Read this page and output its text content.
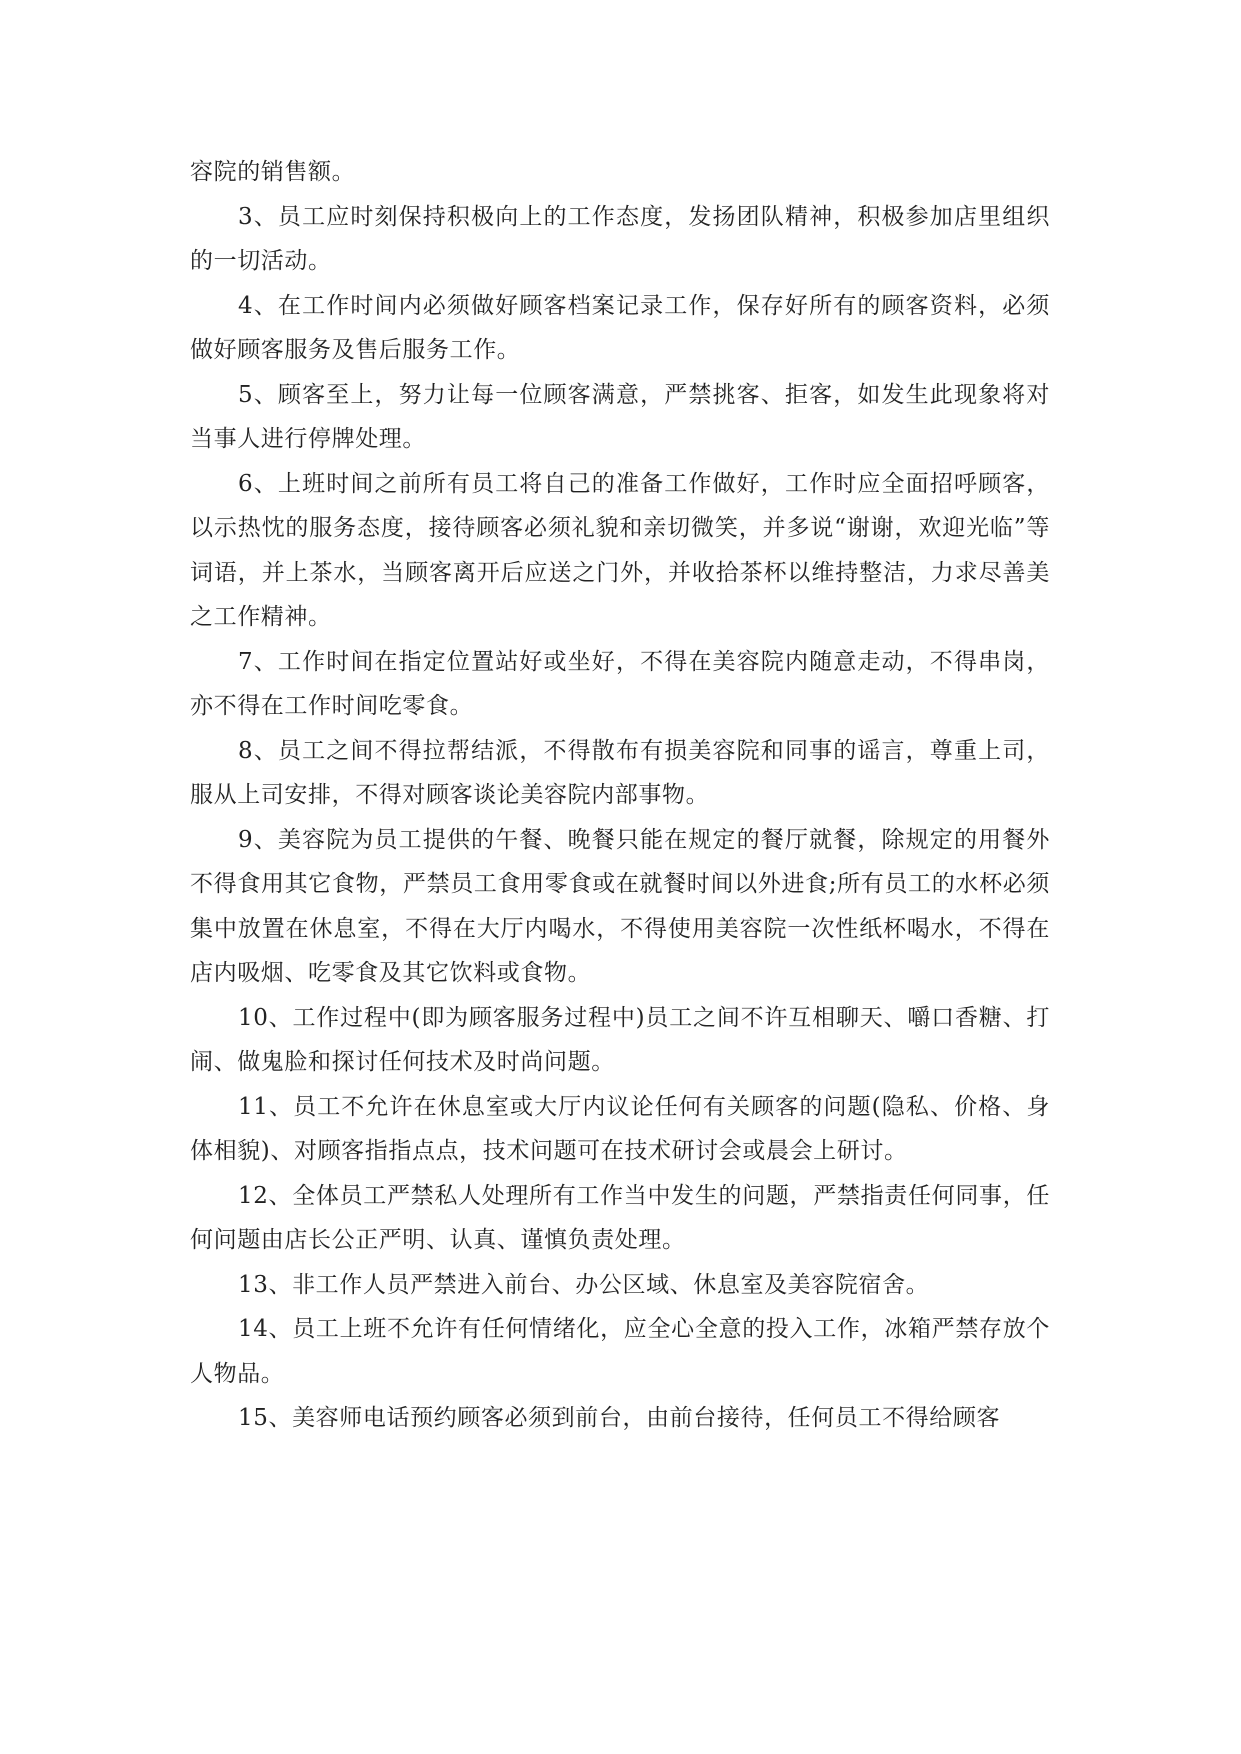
容院的销售额。

3、员工应时刻保持积极向上的工作态度，发扬团队精神，积极参加店里组织的一切活动。

4、在工作时间内必须做好顾客档案记录工作，保存好所有的顾客资料，必须做好顾客服务及售后服务工作。

5、顾客至上，努力让每一位顾客满意，严禁挑客、拒客，如发生此现象将对当事人进行停牌处理。

6、上班时间之前所有员工将自己的准备工作做好，工作时应全面招呼顾客，以示热忱的服务态度，接待顾客必须礼貌和亲切微笑，并多说“谢谢，欢迎光临”等词语，并上茶水，当顾客离开后应送之门外，并收拾茶杯以维持整洁，力求尽善美之工作精神。

7、工作时间在指定位置站好或坐好，不得在美容院内随意走动，不得串岗，亦不得在工作时间吃零食。

8、员工之间不得拉帮结派，不得散布有损美容院和同事的谣言，尊重上司，服从上司安排，不得对顾客谈论美容院内部事物。

9、美容院为员工提供的午餐、晚餐只能在规定的餐厅就餐，除规定的用餐外不得食用其它食物，严禁员工食用零食或在就餐时间以外进食;所有员工的水杯必须集中放置在休息室，不得在大厅内喝水，不得使用美容院一次性纸杯喝水，不得在店内吸烟、吃零食及其它饮料或食物。

10、工作过程中(即为顾客服务过程中)员工之间不许互相聊天、嚼口香糖、打闹、做鬼脸和探讨任何技术及时尚问题。

11、员工不允许在休息室或大厅内议论任何有关顾客的问题(隐私、价格、身体相貌)、对顾客指指点点，技术问题可在技术研讨会或晨会上研讨。

12、全体员工严禁私人处理所有工作当中发生的问题，严禁指责任何同事，任何问题由店长公正严明、认真、谨慎负责处理。

13、非工作人员严禁进入前台、办公区域、休息室及美容院宿舍。

14、员工上班不允许有任何情绪化，应全心全意的投入工作，冰箱严禁存放个人物品。

15、美容师电话预约顾客必须到前台，由前台接待，任何员工不得给顾客
